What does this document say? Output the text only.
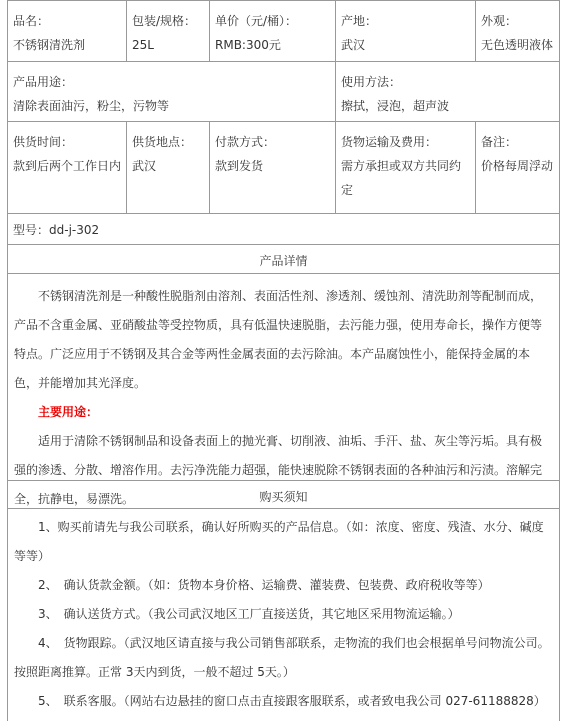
品名：
不锈钢清洗剂
包装/规格：
25L
单价（元/桶）：
RMB:300元
产地：
武汉
外观：
无色透明液体
产品用途：
清除表面油污，粉尘，污物等
使用方法：
擦拭，浸泡，超声波
供货时间：
款到后两个工作日内
供货地点：
武汉
付款方式：
款到发货
货物运输及费用：
需方承担或双方共同约定
备注：
价格每周浮动
型号：dd-j-302
产品详情

不锈钢清洗剂是一种酸性脱脂剂由溶剂、表面活性剂、渗透剂、缓蚀剂、清洗助剂等配制而成，产品不含重金属、亚硝酸盐等受控物质，具有低温快速脱脂，去污能力强，使用寿命长，操作方便等特点。广泛应用于不锈钢及其合金等两性金属表面的去污除油。本产品腐蚀性小，能保持金属的本色，并能增加其光泽度。

主要用途：

适用于清除不锈钢制品和设备表面上的抛光膏、切削液、油垢、手汗、盐、灰尘等污垢。具有极强的渗透、分散、增溶作用。去污净洗能力超强，能快速脱除不锈钢表面的各种油污和污渍。溶解完全，抗静电，易漂洗。	购买须知

1、购买前请先与我公司联系，确认好所购买的产品信息。（如：浓度、密度、残渣、水分、碱度等等）

2、　确认货款金额。（如：货物本身价格、运输费、灌装费、包装费、政府税收等等）

3、　确认送货方式。（我公司武汉地区工厂直接送货，其它地区采用物流运输。）

4、　货物跟踪。（武汉地区请直接与我公司销售部联系，走物流的我们也会根据单号问物流公司。按照距离推算。正常 3天内到货，一般不超过 5天。）

5、　联系客服。（网站右边悬挂的窗口点击直接跟客服联系，或者致电我公司 027-61188828）
